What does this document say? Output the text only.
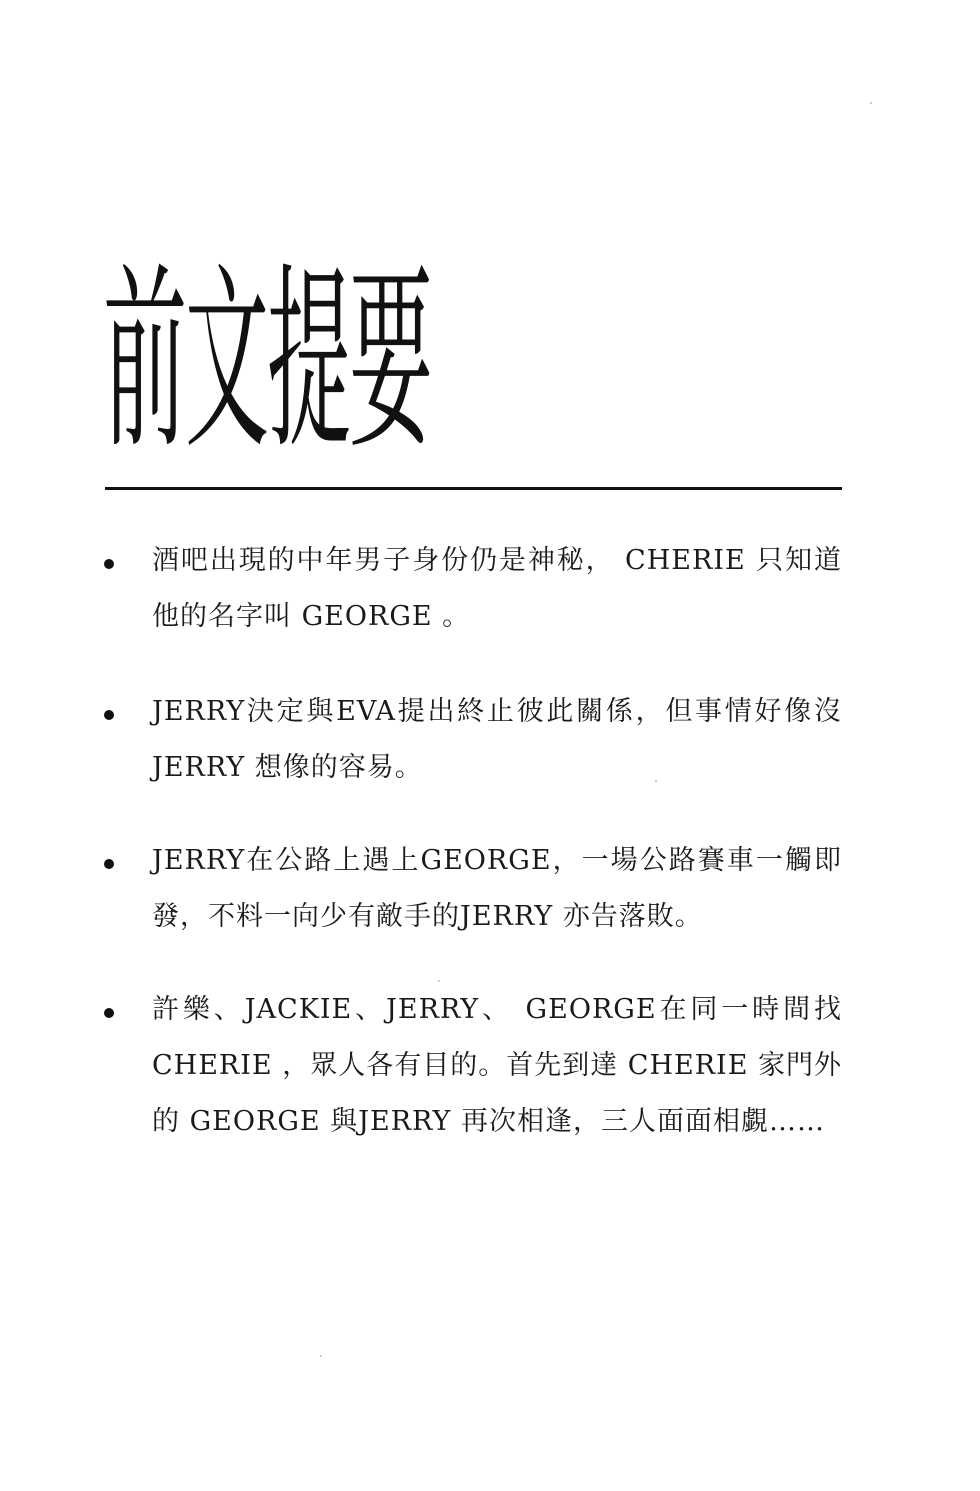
前文提要
酒吧出現的中年男子身份仍是神秘， CHERIE 只知道他的名字叫 GEORGE 。
JERRY決定與EVA提出終止彼此關係，但事情好像沒JERRY 想像的容易。
JERRY在公路上遇上GEORGE，一場公路賽車一觸即發，不料一向少有敵手的JERRY 亦告落敗。
許樂、JACKIE、JERRY、 GEORGE在同一時間找 CHERIE ，眾人各有目的。首先到達 CHERIE 家門外的 GEORGE 與JERRY 再次相逢，三人面面相覷……
